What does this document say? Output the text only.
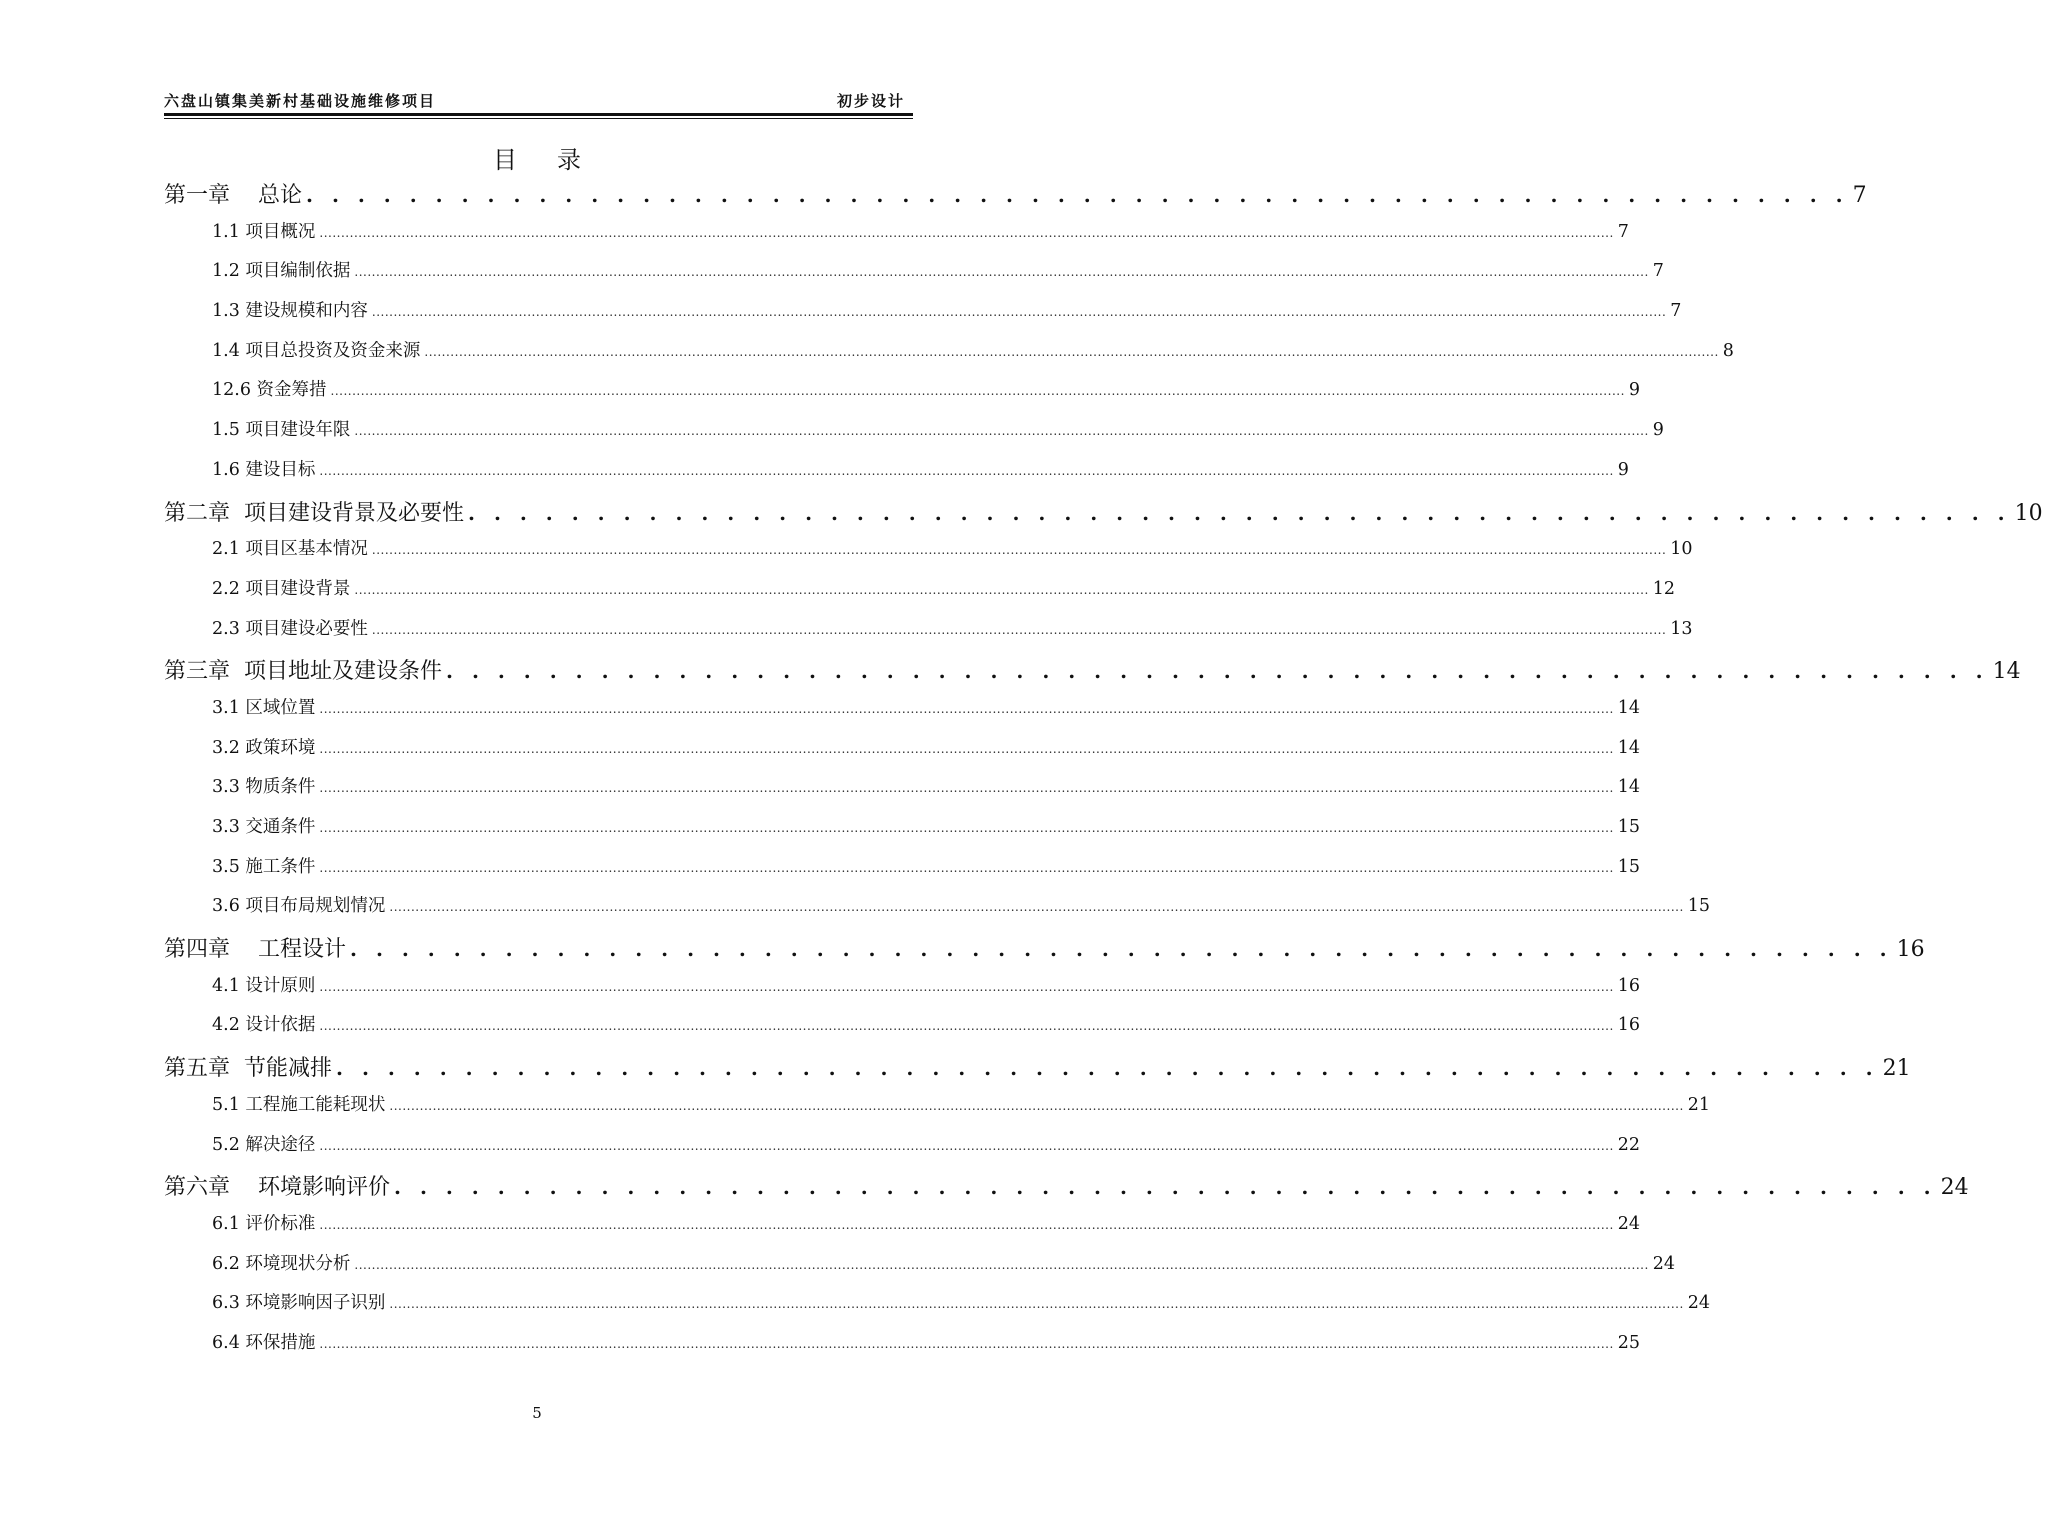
六盘山镇集美新村基础设施维修项目	初步设计
目 录
第一章 总论 . . . . . . . . . . . . . . . . . . . . . . . . . . . . . . . . . . . . . . . . . . . . . . . . . . . . . . . . . . . . 7
1.1
项目概况 ............................................................................................................................................................................................................................................................................................................ 7
1.2
项目编制依据 ............................................................................................................................................................................................................................................................................................................ 7
1.3
建设规模和内容 ............................................................................................................................................................................................................................................................................................................ 7
1.4
项目总投资及资金来源 ............................................................................................................................................................................................................................................................................................................ 8
12.6
资金筹措 ............................................................................................................................................................................................................................................................................................................ 9
1.5
项目建设年限 ............................................................................................................................................................................................................................................................................................................ 9
1.6
建设目标 ............................................................................................................................................................................................................................................................................................................ 9
第二章 项目建设背景及必要性 . . . . . . . . . . . . . . . . . . . . . . . . . . . . . . . . . . . . . . . . . . . . . . . . . . . . . . . . . . . . 10
2.1
项目区基本情况 ............................................................................................................................................................................................................................................................................................................ 10
2.2
项目建设背景 ............................................................................................................................................................................................................................................................................................................ 12
2.3
项目建设必要性 ............................................................................................................................................................................................................................................................................................................ 13
第三章 项目地址及建设条件 . . . . . . . . . . . . . . . . . . . . . . . . . . . . . . . . . . . . . . . . . . . . . . . . . . . . . . . . . . . . 14
3.1
区域位置 ............................................................................................................................................................................................................................................................................................................ 14
3.2
政策环境 ............................................................................................................................................................................................................................................................................................................ 14
3.3
物质条件 ............................................................................................................................................................................................................................................................................................................ 14
3.3
交通条件 ............................................................................................................................................................................................................................................................................................................ 15
3.5
施工条件 ............................................................................................................................................................................................................................................................................................................ 15
3.6
项目布局规划情况 ............................................................................................................................................................................................................................................................................................................ 15
第四章 工程设计 . . . . . . . . . . . . . . . . . . . . . . . . . . . . . . . . . . . . . . . . . . . . . . . . . . . . . . . . . . . . 16
4.1
设计原则 ............................................................................................................................................................................................................................................................................................................ 16
4.2
设计依据 ............................................................................................................................................................................................................................................................................................................ 16
第五章 节能减排 . . . . . . . . . . . . . . . . . . . . . . . . . . . . . . . . . . . . . . . . . . . . . . . . . . . . . . . . . . . . 21
5.1
工程施工能耗现状 ............................................................................................................................................................................................................................................................................................................ 21
5.2
解决途径 ............................................................................................................................................................................................................................................................................................................ 22
第六章 环境影响评价 . . . . . . . . . . . . . . . . . . . . . . . . . . . . . . . . . . . . . . . . . . . . . . . . . . . . . . . . . . . . 24
6.1
评价标准 ............................................................................................................................................................................................................................................................................................................ 24
6.2
环境现状分析 ............................................................................................................................................................................................................................................................................................................ 24
6.3
环境影响因子识别 ............................................................................................................................................................................................................................................................................................................ 24
6.4
环保措施 ............................................................................................................................................................................................................................................................................................................ 25
5
